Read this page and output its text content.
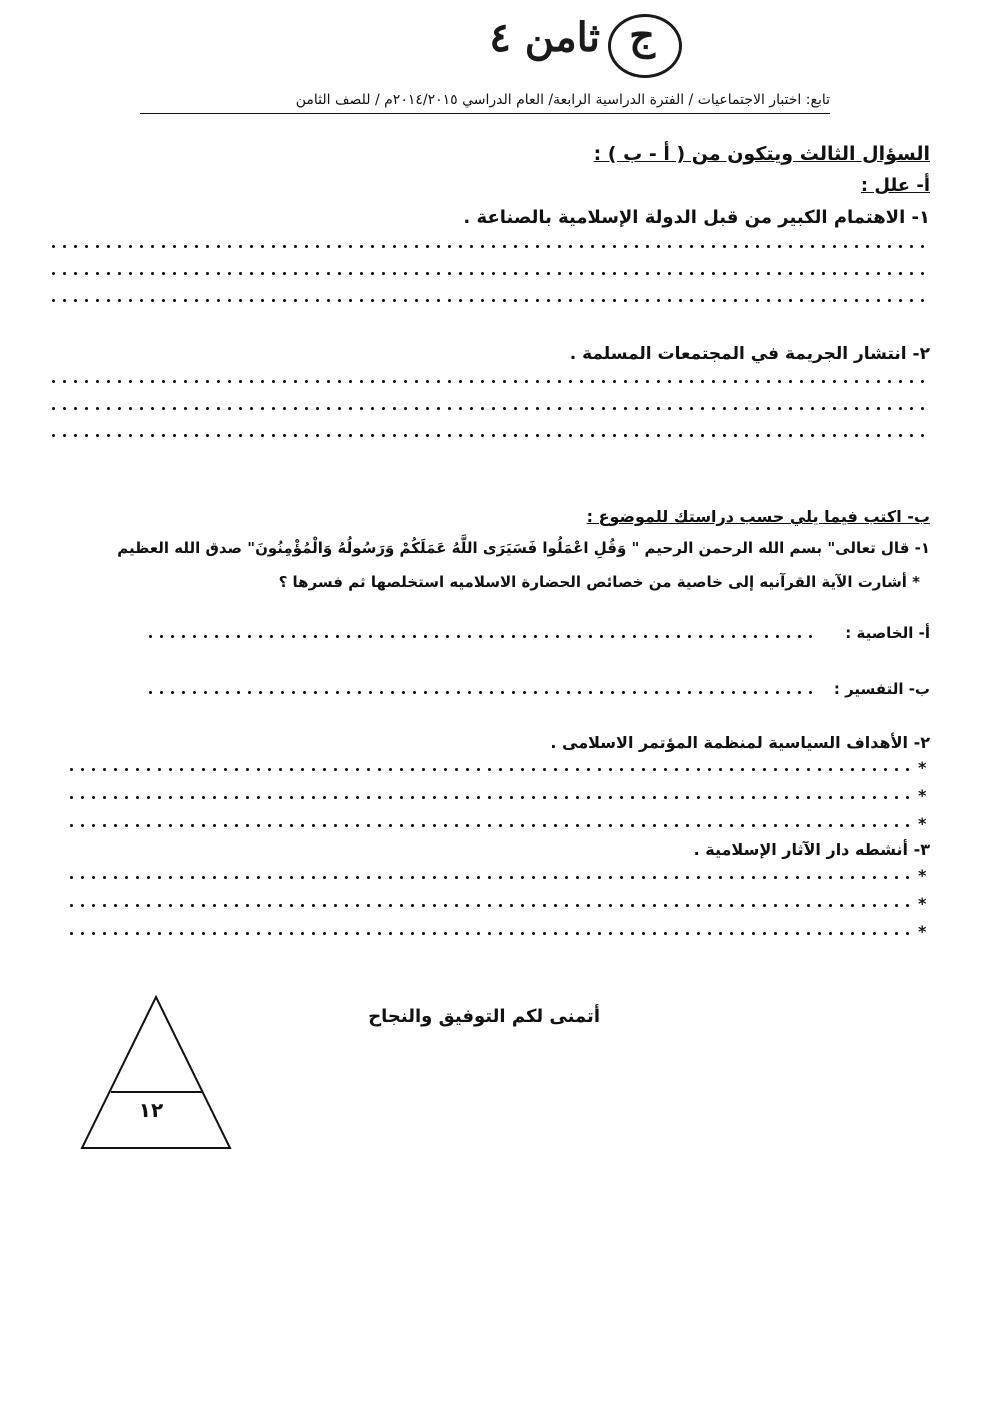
ج
ثامن ٤
تابع: اختبار الاجتماعيات / الفترة الدراسية الرابعة/ العام الدراسي ٢٠١٤/٢٠١٥م / للصف الثامن
السؤال الثالث ويتكون من ( أ - ب ) :
أ- علل :
١- الاهتمام الكبير من قبل الدولة الإسلامية بالصناعة .
٢- انتشار الجريمة في المجتمعات المسلمة .
ب- اكتب فيما يلي حسب دراستك للموضوع :
١- قال تعالى" بسم الله الرحمن الرحيم " وَقُلِ اعْمَلُوا فَسَيَرَى اللَّهُ عَمَلَكُمْ وَرَسُولُهُ وَالْمُؤْمِنُونَ" صدق الله العظيم
* أشارت الآية القرآنيه إلى خاصية من خصائص الحضارة الاسلاميه استخلصها ثم فسرها ؟
أ- الخاصية :
ب- التفسير :
٢- الأهداف السياسية لمنظمة المؤتمر الاسلامى .
*
*
*
٣- أنشطه دار الآثار الإسلامية .
*
*
*
أتمنى لكم التوفيق والنجاح
١٢
